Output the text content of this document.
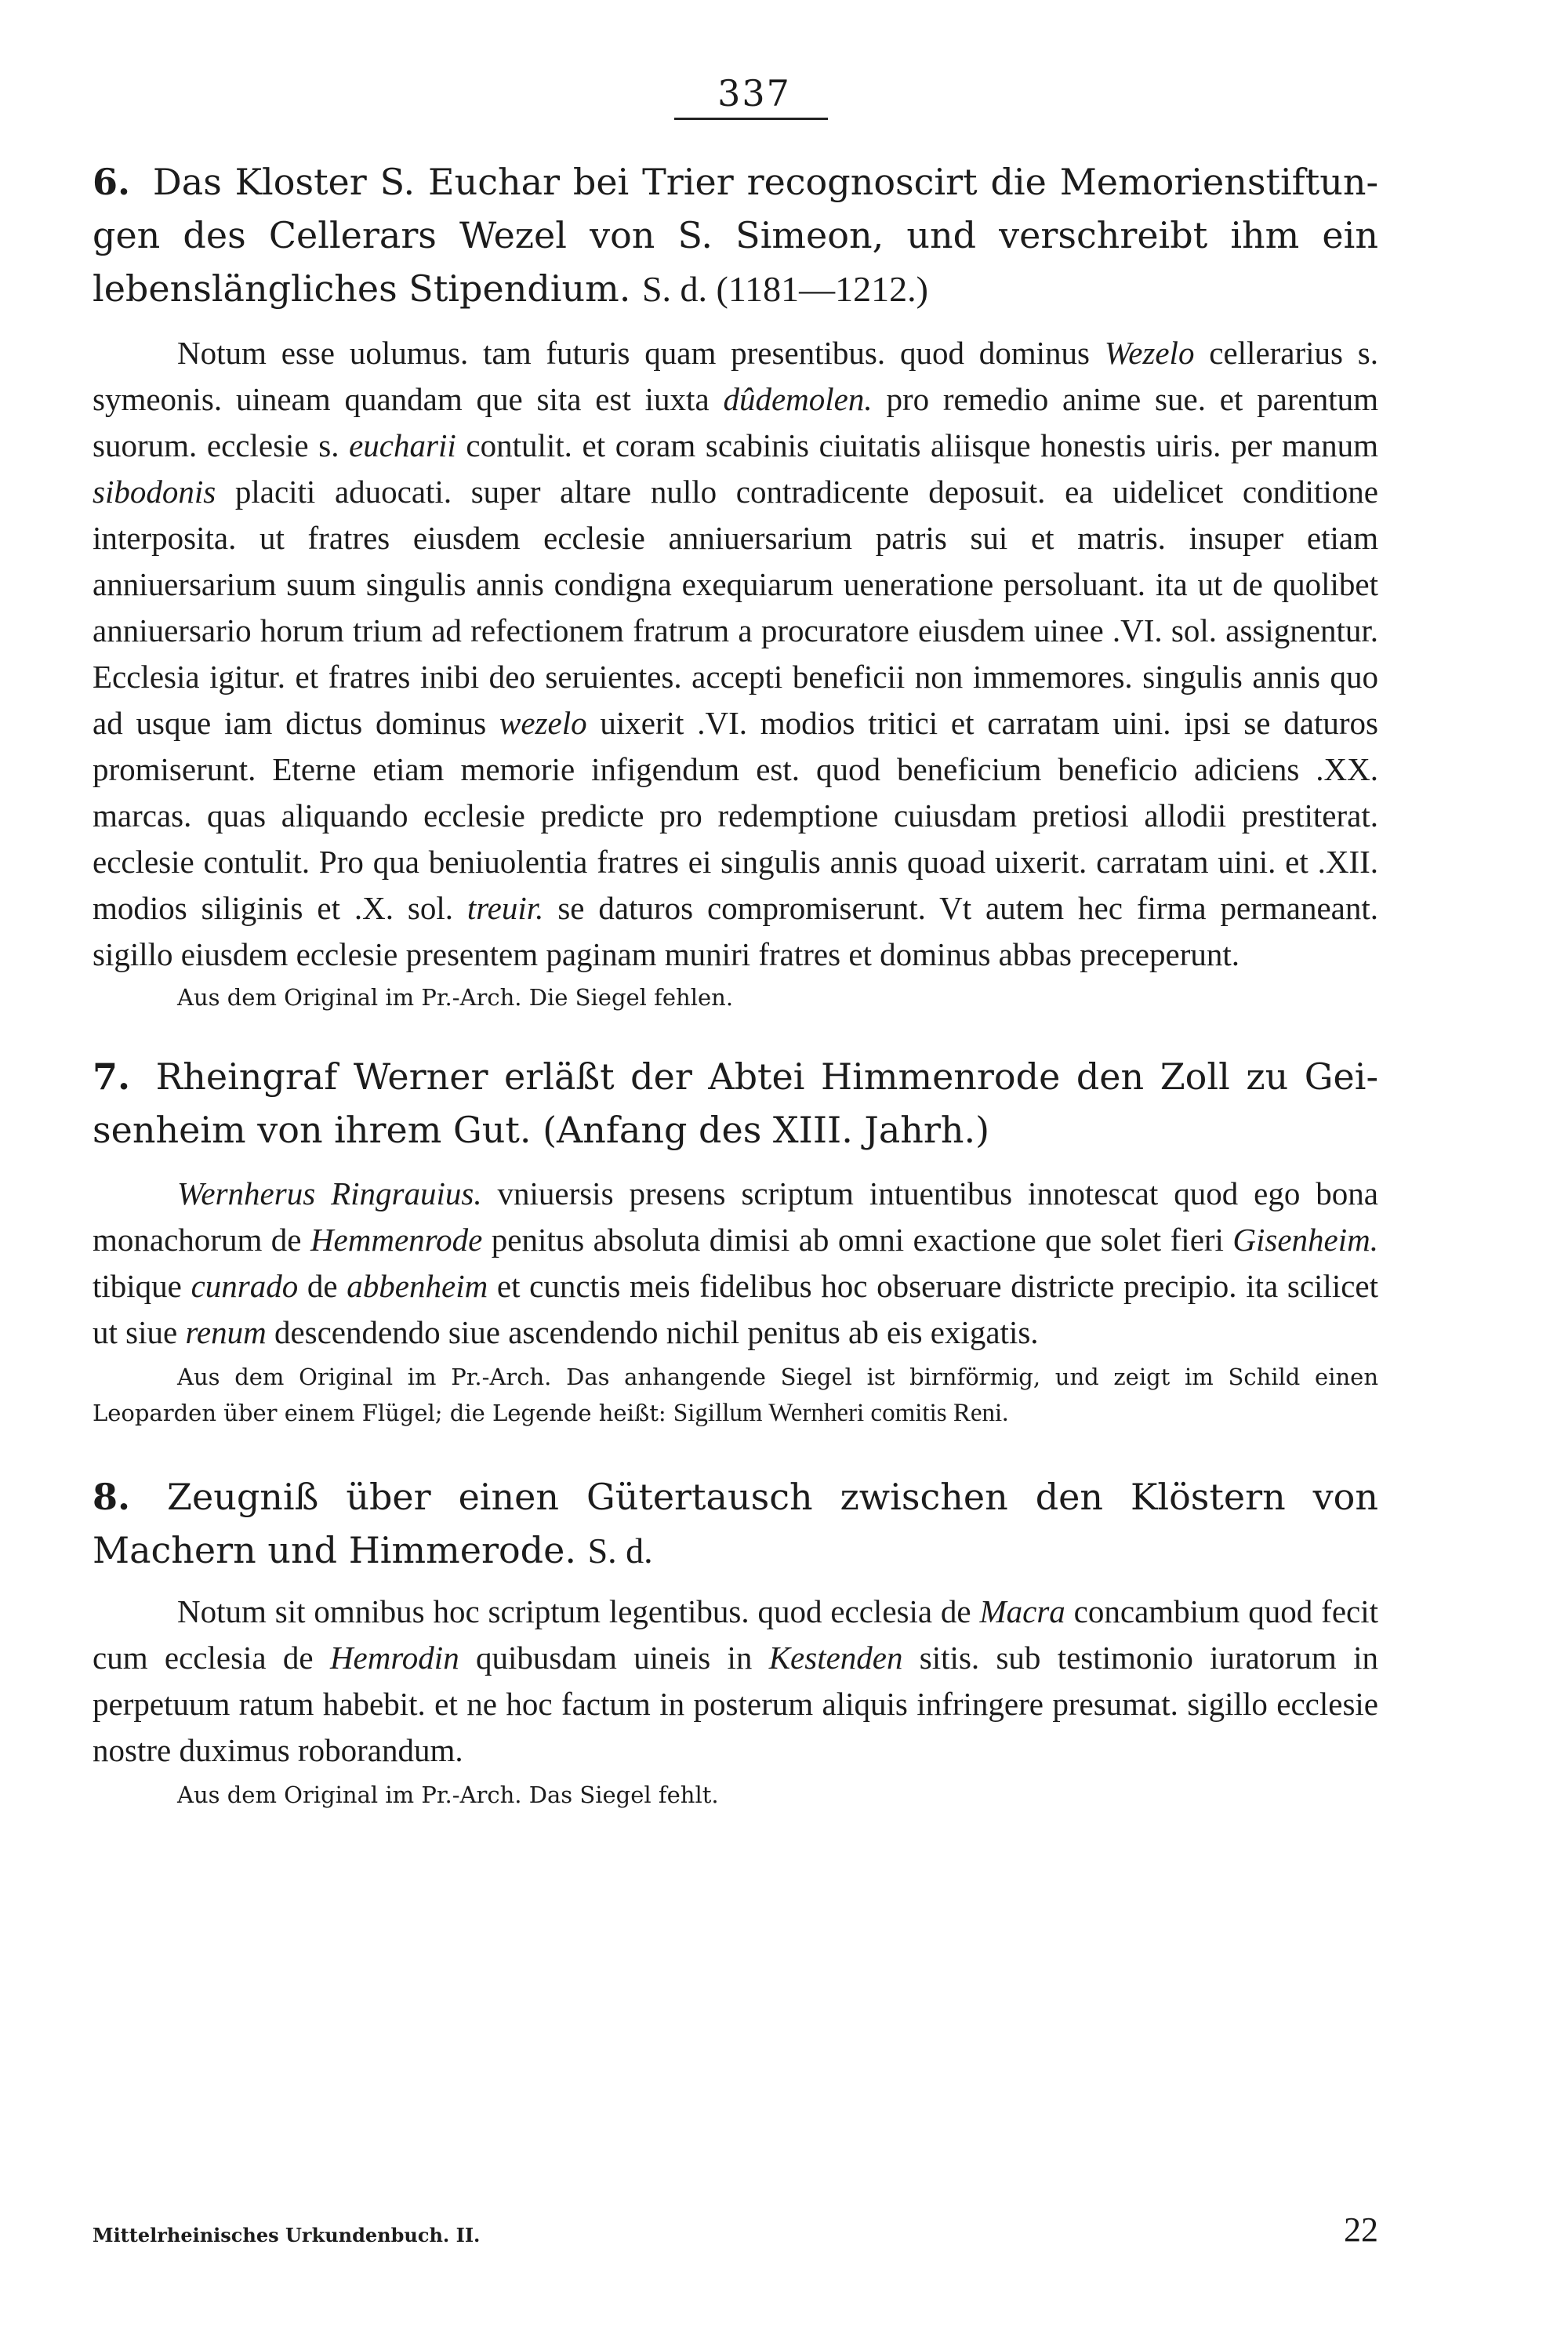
337

6. Das Kloster S. Euchar bei Trier recognoscirt die Memorienstiftun-gen des Cellerars Wezel von S. Simeon, und verschreibt ihm ein lebenslängliches Stipendium. S. d. (1181—1212.)

Notum esse uolumus. tam futuris quam presentibus. quod dominus Wezelo cellerarius s. symeonis. uineam quandam que sita est iuxta dûdemolen. pro remedio anime sue. et parentum suorum. ecclesie s. eucharii contulit. et coram scabinis ciuitatis aliisque honestis uiris. per manum sibodonis placiti aduocati. super altare nullo contradicente deposuit. ea uidelicet conditione interposita. ut fratres eiusdem ecclesie anniuersarium patris sui et matris. insuper etiam anniuersarium suum singulis annis condigna exequiarum ueneratione persoluant. ita ut de quolibet anniuersario horum trium ad refectionem fratrum a procuratore eiusdem uinee .VI. sol. assignentur. Ecclesia igitur. et fratres inibi deo seruientes. accepti beneficii non immemores. singulis annis quo ad usque iam dictus dominus wezelo uixerit .VI. modios tritici et carratam uini. ipsi se daturos promiserunt. Eterne etiam memorie infigendum est. quod beneficium beneficio adiciens .XX. marcas. quas aliquando ecclesie predicte pro redemptione cuiusdam pretiosi allodii prestiterat. ecclesie contulit. Pro qua beniuolentia fratres ei singulis annis quoad uixerit. carratam uini. et .XII. modios siliginis et .X. sol. treuir. se daturos compromiserunt. Vt autem hec firma permaneant. sigillo eiusdem ecclesie presentem paginam muniri fratres et dominus abbas preceperunt.

Aus dem Original im Pr.-Arch. Die Siegel fehlen.

7. Rheingraf Werner erläßt der Abtei Himmenrode den Zoll zu Gei-senheim von ihrem Gut. (Anfang des XIII. Jahrh.)

Wernherus Ringrauius. vniuersis presens scriptum intuentibus innotescat quod ego bona monachorum de Hemmenrode penitus absoluta dimisi ab omni exactione que solet fieri Gisenheim. tibique cunrado de abbenheim et cunctis meis fidelibus hoc obseruare districte precipio. ita scilicet ut siue renum descendendo siue ascendendo nichil penitus ab eis exigatis.

Aus dem Original im Pr.-Arch. Das anhangende Siegel ist birnförmig, und zeigt im Schild einen Leoparden über einem Flügel; die Legende heißt: Sigillum Wernheri comitis Reni.

8. Zeugniß über einen Gütertausch zwischen den Klöstern von Machern und Himmerode. S. d.

Notum sit omnibus hoc scriptum legentibus. quod ecclesia de Macra concambium quod fecit cum ecclesia de Hemrodin quibusdam uineis in Kestenden sitis. sub testimonio iuratorum in perpetuum ratum habebit. et ne hoc factum in posterum aliquis infringere presumat. sigillo ecclesie nostre duximus roborandum.

Aus dem Original im Pr.-Arch. Das Siegel fehlt.

Mittelrheinisches Urkundenbuch. II.	22
